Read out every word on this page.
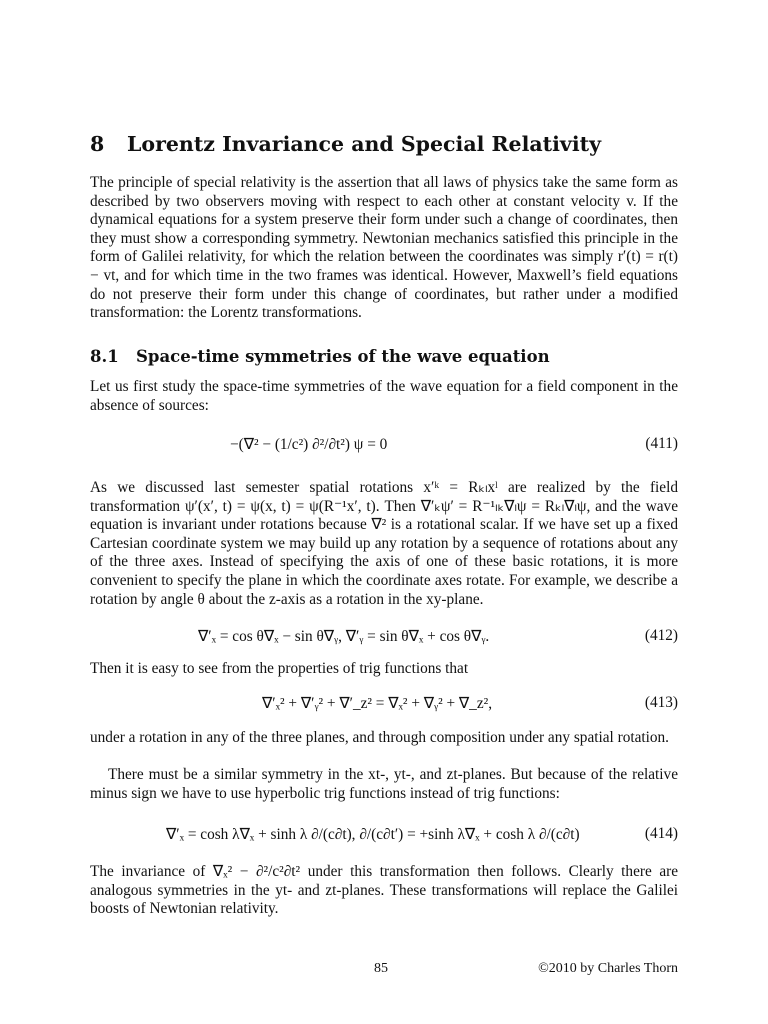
8 Lorentz Invariance and Special Relativity

The principle of special relativity is the assertion that all laws of physics take the same form as described by two observers moving with respect to each other at constant velocity v. If the dynamical equations for a system preserve their form under such a change of coordinates, then they must show a corresponding symmetry. Newtonian mechanics satisfied this principle in the form of Galilei relativity, for which the relation between the coordinates was simply r′(t) = r(t) − vt, and for which time in the two frames was identical. However, Maxwell’s field equations do not preserve their form under this change of coordinates, but rather under a modified transformation: the Lorentz transformations.

8.1 Space-time symmetries of the wave equation

Let us first study the space-time symmetries of the wave equation for a field component in the absence of sources:

−(∇² − (1/c²) ∂²/∂t²) ψ = 0	(411)

As we discussed last semester spatial rotations x′ᵏ = Rₖₗxˡ are realized by the field transformation ψ′(x′, t) = ψ(x, t) = ψ(R⁻¹x′, t). Then ∇′ₖψ′ = R⁻¹ₗₖ∇ₗψ = Rₖₗ∇ₗψ, and the wave equation is invariant under rotations because ∇² is a rotational scalar. If we have set up a fixed Cartesian coordinate system we may build up any rotation by a sequence of rotations about any of the three axes. Instead of specifying the axis of one of these basic rotations, it is more convenient to specify the plane in which the coordinate axes rotate. For example, we describe a rotation by angle θ about the z-axis as a rotation in the xy-plane.

∇′ₓ = cos θ∇ₓ − sin θ∇ᵧ, ∇′ᵧ = sin θ∇ₓ + cos θ∇ᵧ.	(412)

Then it is easy to see from the properties of trig functions that

∇′ₓ² + ∇′ᵧ² + ∇′_z² = ∇ₓ² + ∇ᵧ² + ∇_z²,	(413)

under a rotation in any of the three planes, and through composition under any spatial rotation.

There must be a similar symmetry in the xt-, yt-, and zt-planes. But because of the relative minus sign we have to use hyperbolic trig functions instead of trig functions:

∇′ₓ = cosh λ∇ₓ + sinh λ ∂/(c∂t), ∂/(c∂t′) = +sinh λ∇ₓ + cosh λ ∂/(c∂t)	(414)

The invariance of ∇ₓ² − ∂²/c²∂t² under this transformation then follows. Clearly there are analogous symmetries in the yt- and zt-planes. These transformations will replace the Galilei boosts of Newtonian relativity.

85	©2010 by Charles Thorn
